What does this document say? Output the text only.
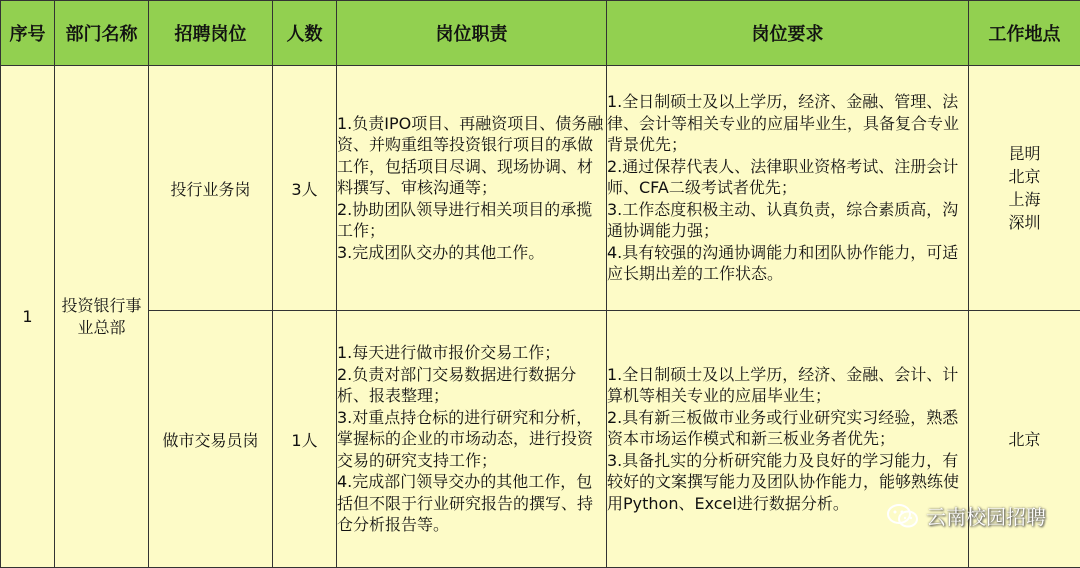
序号	部门名称	招聘岗位	人数	岗位职责	岗位要求	工作地点
1	投资银行事业总部	投行业务岗	3人	1.负责IPO项目、再融资项目、债务融资、并购重组等投资银行项目的承做工作，包括项目尽调、现场协调、材料撰写、审核沟通等；
2.协助团队领导进行相关项目的承揽工作；
3.完成团队交办的其他工作。	1.全日制硕士及以上学历，经济、金融、管理、法律、会计等相关专业的应届毕业生，具备复合专业背景优先；
2.通过保荐代表人、法律职业资格考试、注册会计师、CFA二级考试者优先；
3.工作态度积极主动、认真负责，综合素质高，沟通协调能力强；
4.具有较强的沟通协调能力和团队协作能力，可适应长期出差的工作状态。	昆明
北京
上海
深圳

		做市交易员岗	1人	1.每天进行做市报价交易工作；
2.负责对部门交易数据进行数据分析、报表整理；
3.对重点持仓标的进行研究和分析，掌握标的企业的市场动态，进行投资交易的研究支持工作；
4.完成部门领导交办的其他工作，包括但不限于行业研究报告的撰写、持仓分析报告等。	1.全日制硕士及以上学历，经济、金融、会计、计算机等相关专业的应届毕业生；
2.具有新三板做市业务或行业研究实习经验，熟悉资本市场运作模式和新三板业务者优先；
3.具备扎实的分析研究能力及良好的学习能力，有较好的文案撰写能力及团队协作能力，能够熟练使用Python、Excel进行数据分析。	北京
云南校园招聘
